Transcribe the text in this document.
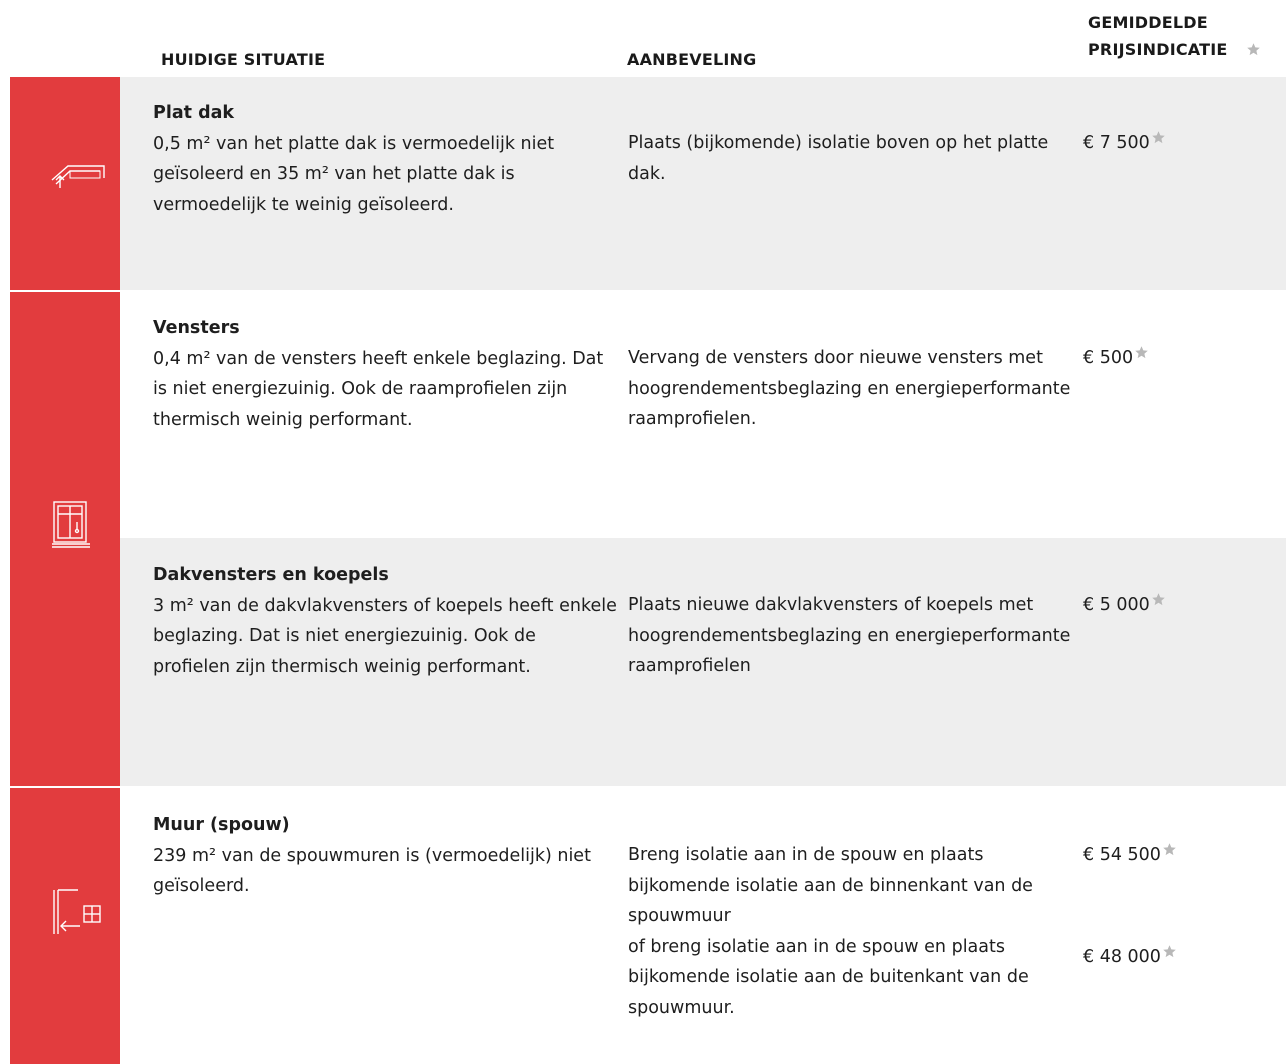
HUIDIGE SITUATIE	AANBEVELING
GEMIDDELDE
PRIJSINDICATIE
Plat dak
0,5 m² van het platte dak is vermoedelijk niet geïsoleerd en 35 m² van het platte dak is vermoedelijk te weinig geïsoleerd.
Plaats (bijkomende) isolatie boven op het platte dak.
€ 7 500
Vensters
0,4 m² van de vensters heeft enkele beglazing. Dat is niet energiezuinig. Ook de raamprofielen zijn thermisch weinig performant.
Vervang de vensters door nieuwe vensters met hoogrendementsbeglazing en energieperformante raamprofielen.
€ 500
Dakvensters en koepels
3 m² van de dakvlakvensters of koepels heeft enkele beglazing. Dat is niet energiezuinig. Ook de profielen zijn thermisch weinig performant.
Plaats nieuwe dakvlakvensters of koepels met hoogrendementsbeglazing en energieperformante raamprofielen
€ 5 000
Muur (spouw)
239 m² van de spouwmuren is (vermoedelijk) niet geïsoleerd.
Breng isolatie aan in de spouw en plaats bijkomende isolatie aan de binnenkant van de spouwmuur
of breng isolatie aan in de spouw en plaats bijkomende isolatie aan de buitenkant van de spouwmuur.
€ 54 500
€ 48 000
